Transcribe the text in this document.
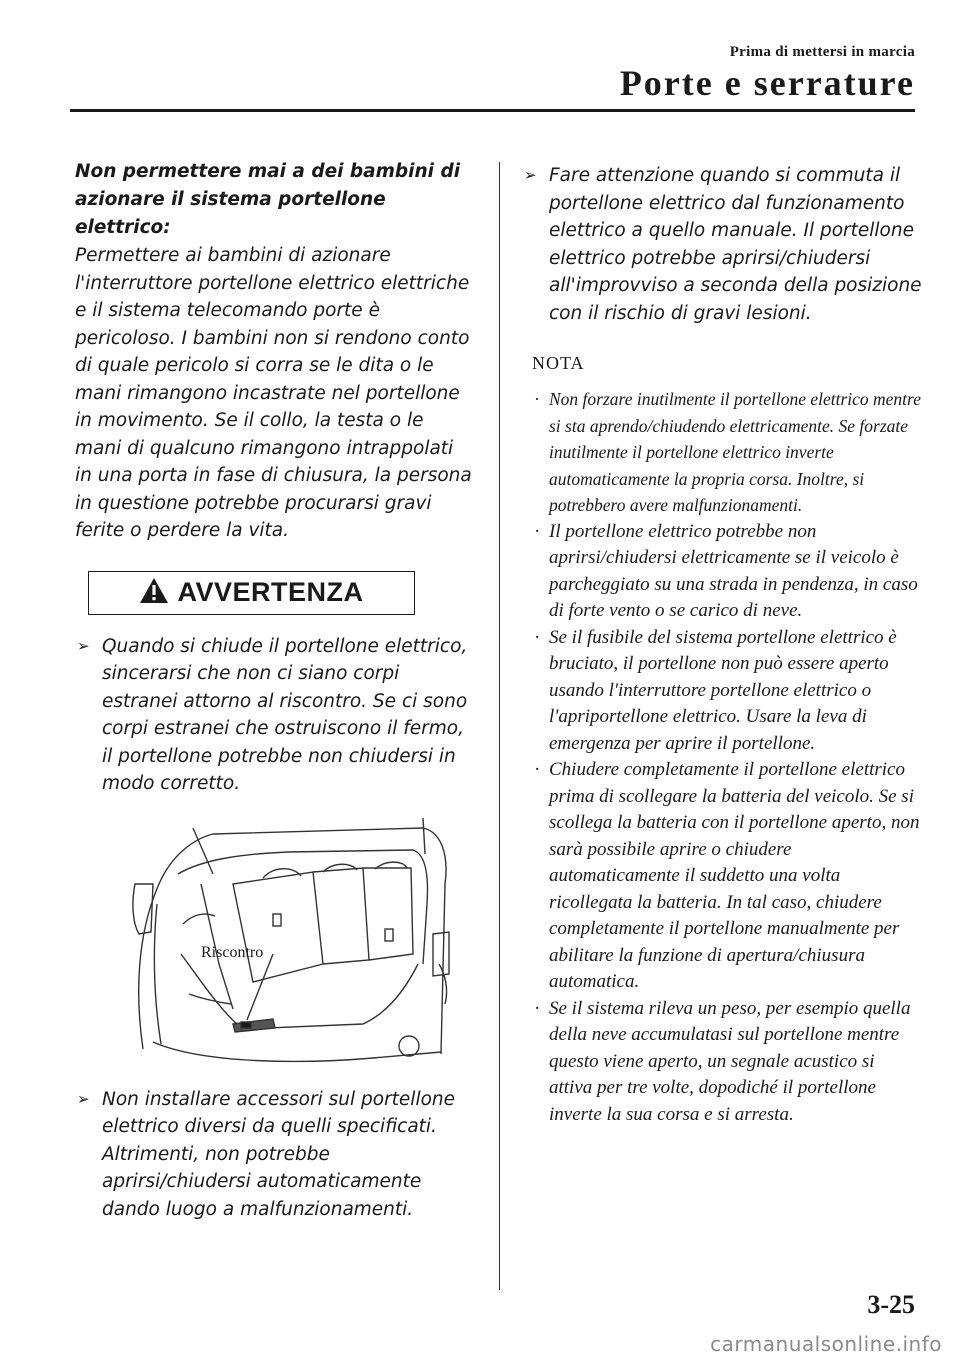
Prima di mettersi in marcia
Porte e serrature

Non permettere mai a dei bambini di azionare il sistema portellone elettrico:

Permettere ai bambini di azionare l'interruttore portellone elettrico elettriche e il sistema telecomando porte è pericoloso. I bambini non si rendono conto di quale pericolo si corra se le dita o le mani rimangono incastrate nel portellone in movimento. Se il collo, la testa o le mani di qualcuno rimangono intrappolati in una porta in fase di chiusura, la persona in questione potrebbe procurarsi gravi ferite o perdere la vita.

AVVERTENZA
➢ Quando si chiude il portellone elettrico, sincerarsi che non ci siano corpi estranei attorno al riscontro. Se ci sono corpi estranei che ostruiscono il fermo, il portellone potrebbe non chiudersi in modo corretto.
Riscontro
➢ Non installare accessori sul portellone elettrico diversi da quelli specificati. Altrimenti, non potrebbe aprirsi/chiudersi automaticamente dando luogo a malfunzionamenti.
➢ Fare attenzione quando si commuta il portellone elettrico dal funzionamento elettrico a quello manuale. Il portellone elettrico potrebbe aprirsi/chiudersi all'improvviso a seconda della posizione con il rischio di gravi lesioni.
NOTA
· Non forzare inutilmente il portellone elettrico mentre si sta aprendo/chiudendo elettricamente. Se forzate inutilmente il portellone elettrico inverte automaticamente la propria corsa. Inoltre, si potrebbero avere malfunzionamenti.
· Il portellone elettrico potrebbe non aprirsi/chiudersi elettricamente se il veicolo è parcheggiato su una strada in pendenza, in caso di forte vento o se carico di neve.
· Se il fusibile del sistema portellone elettrico è bruciato, il portellone non può essere aperto usando l'interruttore portellone elettrico o l'apriportellone elettrico. Usare la leva di emergenza per aprire il portellone.
· Chiudere completamente il portellone elettrico prima di scollegare la batteria del veicolo. Se si scollega la batteria con il portellone aperto, non sarà possibile aprire o chiudere automaticamente il suddetto una volta ricollegata la batteria. In tal caso, chiudere completamente il portellone manualmente per abilitare la funzione di apertura/chiusura automatica.
· Se il sistema rileva un peso, per esempio quella della neve accumulatasi sul portellone mentre questo viene aperto, un segnale acustico si attiva per tre volte, dopodiché il portellone inverte la sua corsa e si arresta.
3-25
carmanualsonline.info
